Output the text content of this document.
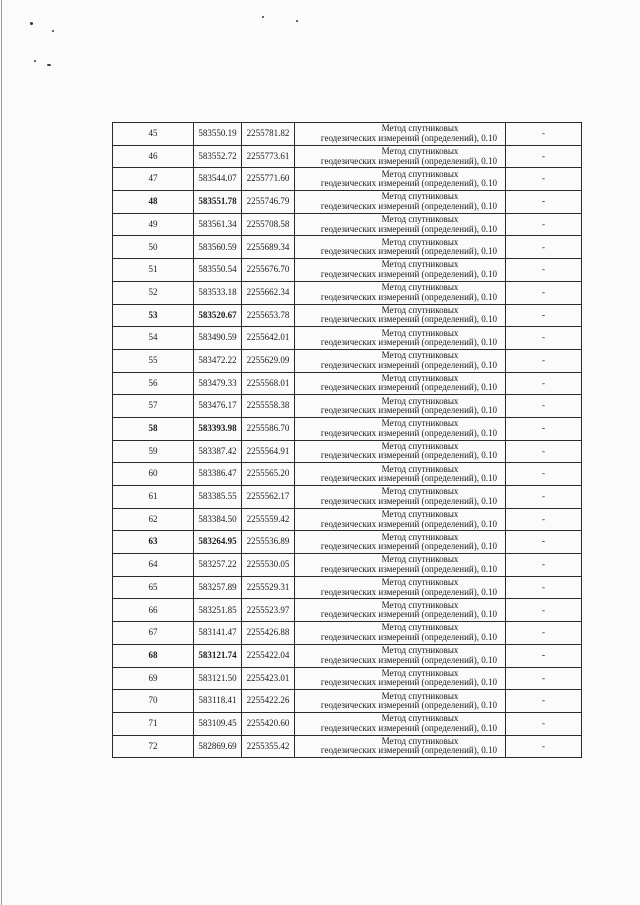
45	583550.19	2255781.82	Метод спутниковых
геодезических измерений (определений), 0.10	-
46	583552.72	2255773.61	Метод спутниковых
геодезических измерений (определений), 0.10	-
47	583544.07	2255771.60	Метод спутниковых
геодезических измерений (определений), 0.10	-
48	583551.78	2255746.79	Метод спутниковых
геодезических измерений (определений), 0.10	-
49	583561.34	2255708.58	Метод спутниковых
геодезических измерений (определений), 0.10	-
50	583560.59	2255689.34	Метод спутниковых
геодезических измерений (определений), 0.10	-
51	583550.54	2255676.70	Метод спутниковых
геодезических измерений (определений), 0.10	-
52	583533.18	2255662.34	Метод спутниковых
геодезических измерений (определений), 0.10	-
53	583520.67	2255653.78	Метод спутниковых
геодезических измерений (определений), 0.10	-
54	583490.59	2255642.01	Метод спутниковых
геодезических измерений (определений), 0.10	-
55	583472.22	2255629.09	Метод спутниковых
геодезических измерений (определений), 0.10	-
56	583479.33	2255568.01	Метод спутниковых
геодезических измерений (определений), 0.10	-
57	583476.17	2255558.38	Метод спутниковых
геодезических измерений (определений), 0.10	-
58	583393.98	2255586.70	Метод спутниковых
геодезических измерений (определений), 0.10	-
59	583387.42	2255564.91	Метод спутниковых
геодезических измерений (определений), 0.10	-
60	583386.47	2255565.20	Метод спутниковых
геодезических измерений (определений), 0.10	-
61	583385.55	2255562.17	Метод спутниковых
геодезических измерений (определений), 0.10	-
62	583384.50	2255559.42	Метод спутниковых
геодезических измерений (определений), 0.10	-
63	583264.95	2255536.89	Метод спутниковых
геодезических измерений (определений), 0.10	-
64	583257.22	2255530.05	Метод спутниковых
геодезических измерений (определений), 0.10	-
65	583257.89	2255529.31	Метод спутниковых
геодезических измерений (определений), 0.10	-
66	583251.85	2255523.97	Метод спутниковых
геодезических измерений (определений), 0.10	-
67	583141.47	2255426.88	Метод спутниковых
геодезических измерений (определений), 0.10	-
68	583121.74	2255422.04	Метод спутниковых
геодезических измерений (определений), 0.10	-
69	583121.50	2255423.01	Метод спутниковых
геодезических измерений (определений), 0.10	-
70	583118.41	2255422.26	Метод спутниковых
геодезических измерений (определений), 0.10	-
71	583109.45	2255420.60	Метод спутниковых
геодезических измерений (определений), 0.10	-
72	582869.69	2255355.42	Метод спутниковых
геодезических измерений (определений), 0.10	-
